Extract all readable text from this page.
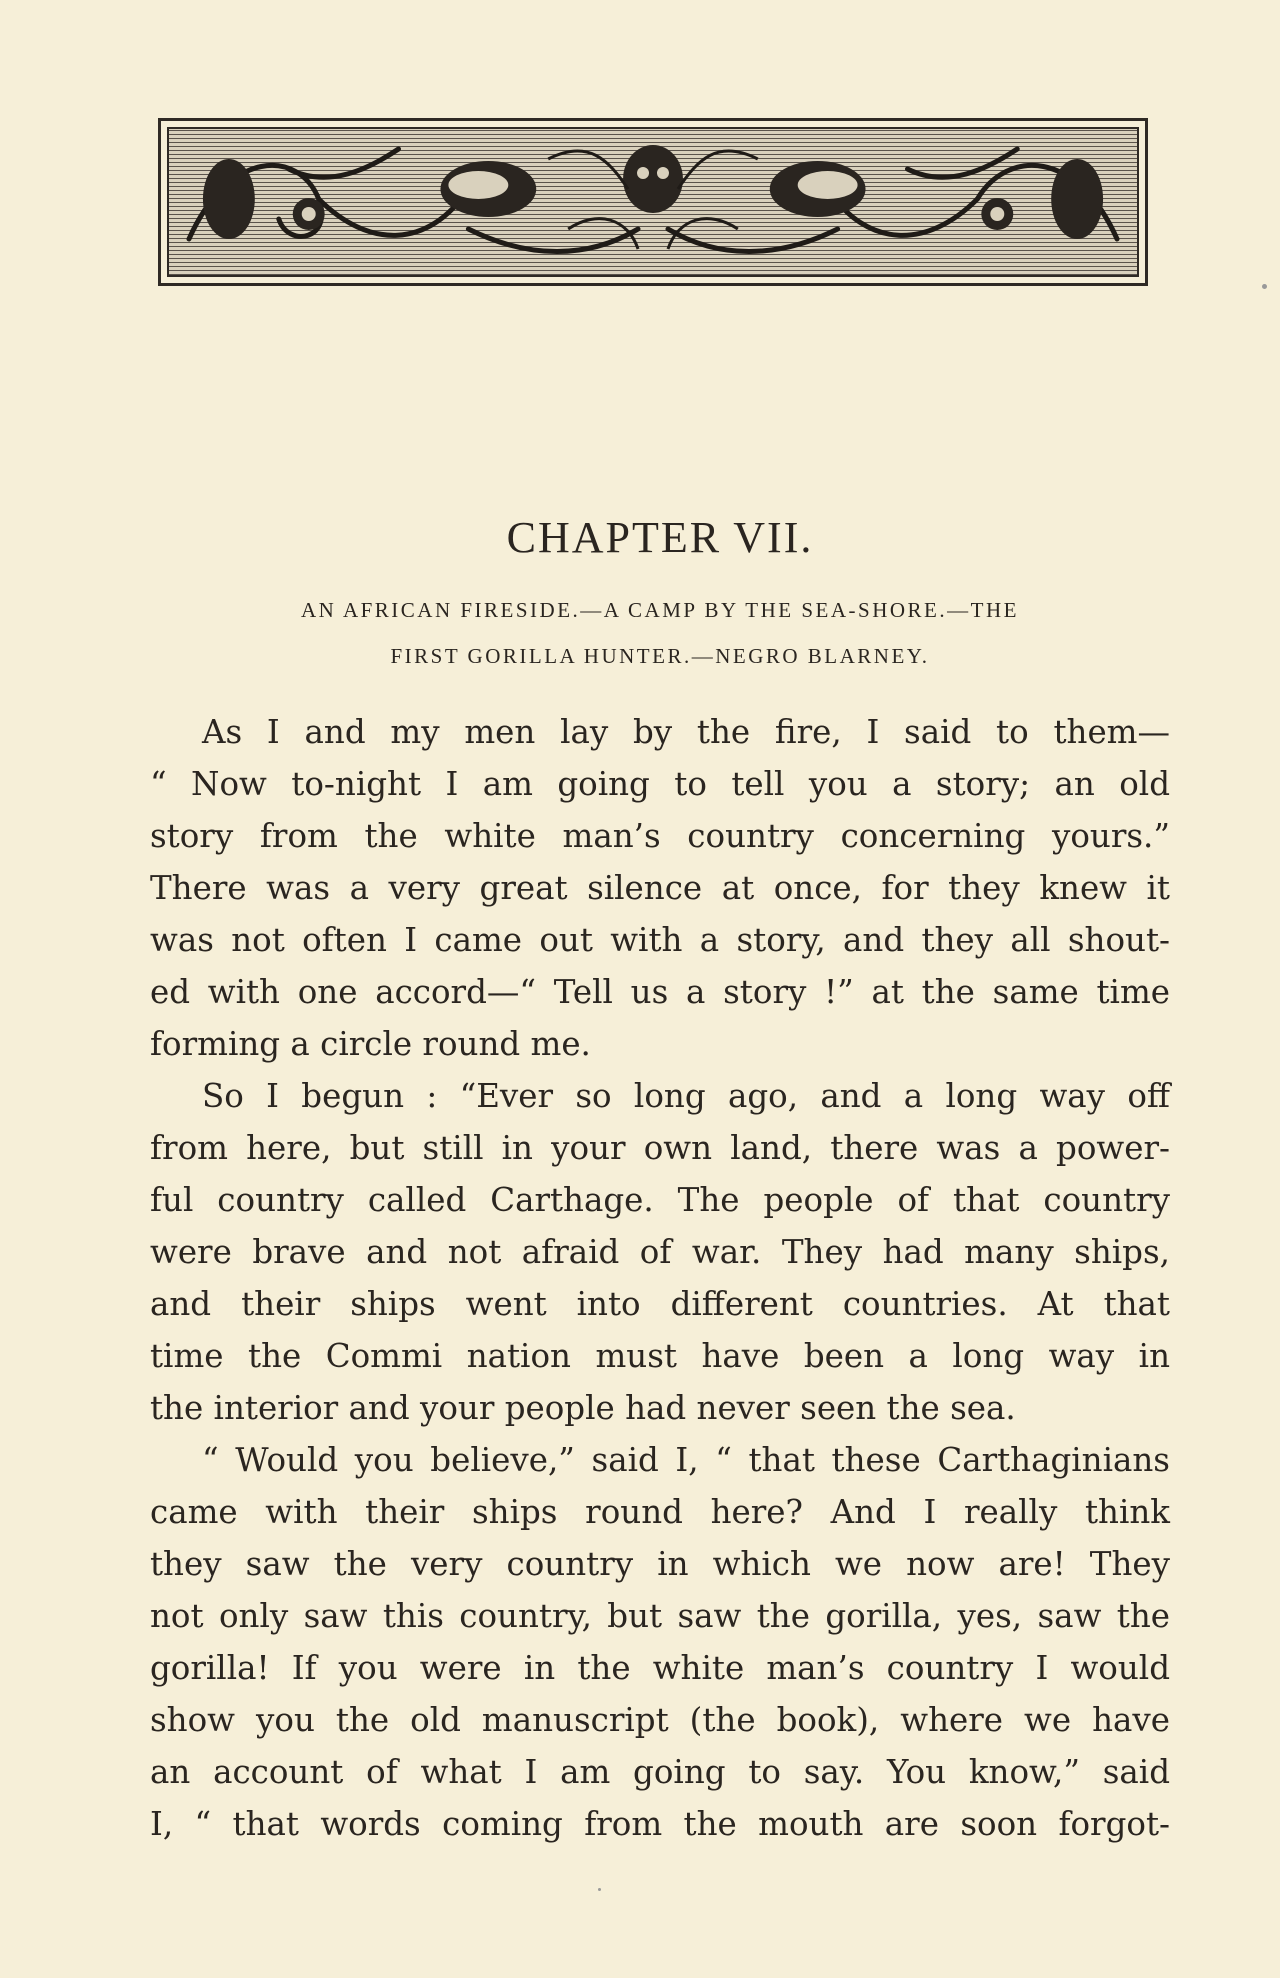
CHAPTER VII.
AN AFRICAN FIRESIDE.—A CAMP BY THE SEA-SHORE.—THE
FIRST GORILLA HUNTER.—NEGRO BLARNEY.
As I and my men lay by the fire, I said to them—
“ Now to-night I am going to tell you a story; an old
story from the white man’s country concerning yours.”
There was a very great silence at once, for they knew it
was not often I came out with a story, and they all shout-
ed with one accord—“ Tell us a story !” at the same time
forming a circle round me.
So I begun : “Ever so long ago, and a long way off
from here, but still in your own land, there was a power-
ful country called Carthage. The people of that country
were brave and not afraid of war. They had many ships,
and their ships went into different countries. At that
time the Commi nation must have been a long way in
the interior and your people had never seen the sea.
“ Would you believe,” said I, “ that these Carthaginians
came with their ships round here? And I really think
they saw the very country in which we now are! They
not only saw this country, but saw the gorilla, yes, saw the
gorilla! If you were in the white man’s country I would
show you the old manuscript (the book), where we have
an account of what I am going to say. You know,” said
I, “ that words coming from the mouth are soon forgot-
